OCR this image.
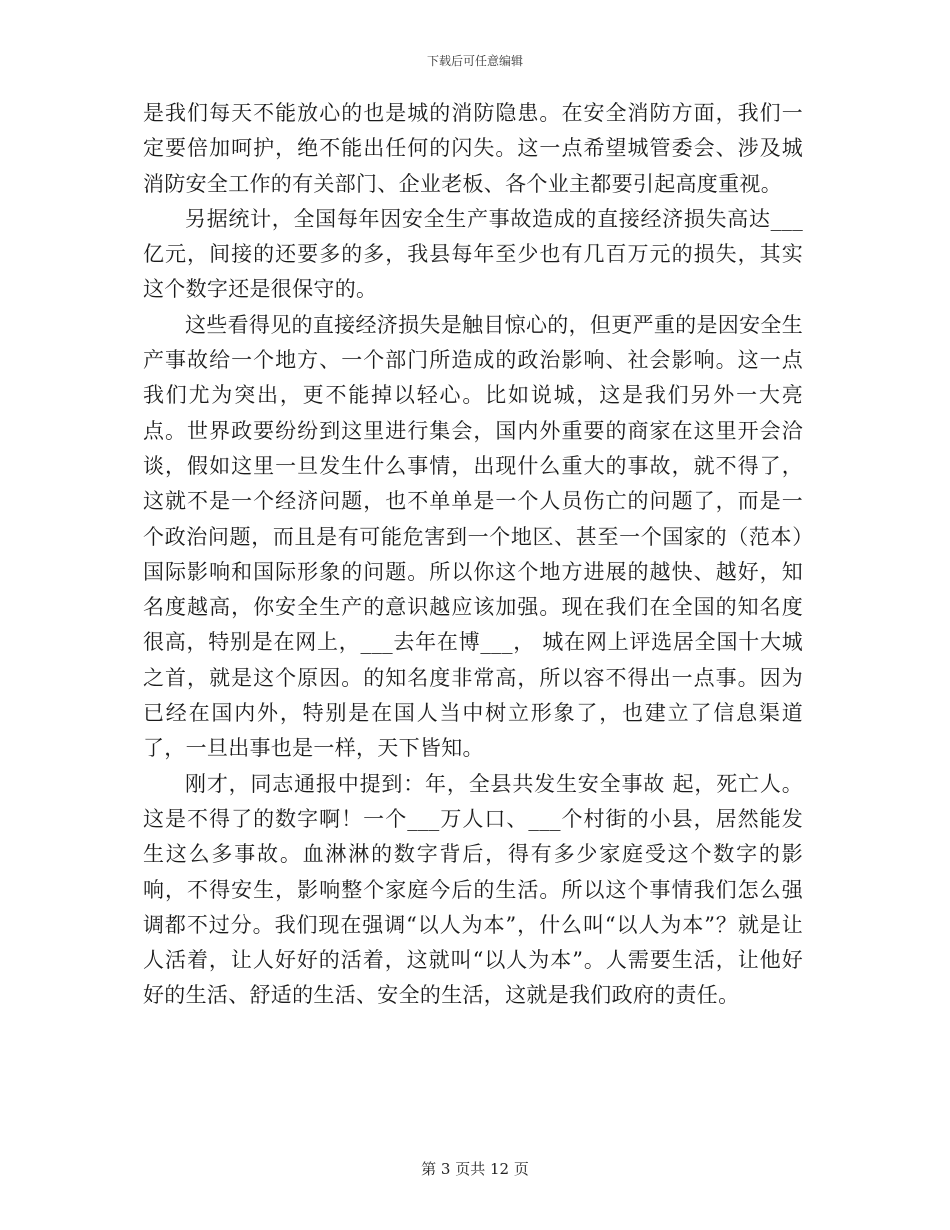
下载后可任意编辑

是我们每天不能放心的也是城的消防隐患。在安全消防方面，我们一定要倍加呵护，绝不能出任何的闪失。这一点希望城管委会、涉及城消防安全工作的有关部门、企业老板、各个业主都要引起高度重视。

另据统计，全国每年因安全生产事故造成的直接经济损失高达___亿元，间接的还要多的多，我县每年至少也有几百万元的损失，其实这个数字还是很保守的。

这些看得见的直接经济损失是触目惊心的，但更严重的是因安全生产事故给一个地方、一个部门所造成的政治影响、社会影响。这一点我们尤为突出，更不能掉以轻心。比如说城，这是我们另外一大亮点。世界政要纷纷到这里进行集会，国内外重要的商家在这里开会洽谈，假如这里一旦发生什么事情，出现什么重大的事故，就不得了，这就不是一个经济问题，也不单单是一个人员伤亡的问题了，而是一个政治问题，而且是有可能危害到一个地区、甚至一个国家的（范本）国际影响和国际形象的问题。所以你这个地方进展的越快、越好，知名度越高，你安全生产的意识越应该加强。现在我们在全国的知名度很高，特别是在网上，___去年在博___， 城在网上评选居全国十大城之首，就是这个原因。的知名度非常高，所以容不得出一点事。因为已经在国内外，特别是在国人当中树立形象了，也建立了信息渠道了，一旦出事也是一样，天下皆知。

刚才，同志通报中提到：年，全县共发生安全事故 起，死亡人。这是不得了的数字啊！一个___万人口、___个村街的小县，居然能发生这么多事故。血淋淋的数字背后，得有多少家庭受这个数字的影响，不得安生，影响整个家庭今后的生活。所以这个事情我们怎么强调都不过分。我们现在强调“以人为本”，什么叫“以人为本”？就是让人活着，让人好好的活着，这就叫“以人为本”。人需要生活，让他好好的生活、舒适的生活、安全的生活，这就是我们政府的责任。

第 3 页共 12 页
